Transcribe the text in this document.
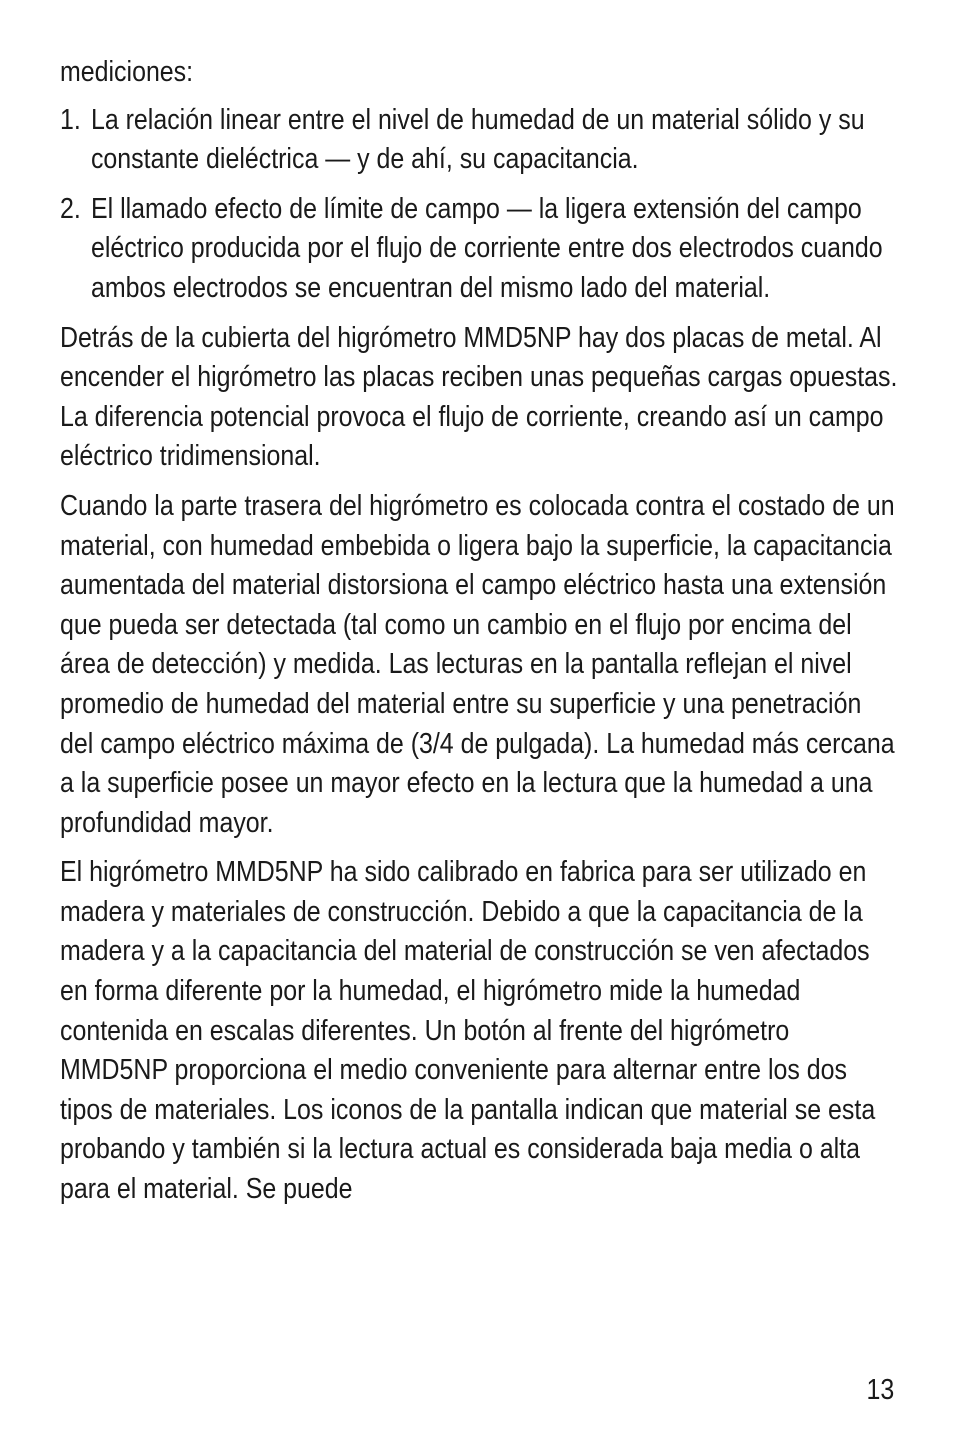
mediciones:

1. La relación linear entre el nivel de humedad de un material sólido y su constante dieléctrica — y de ahí, su capacitancia.
2. El llamado efecto de límite de campo — la ligera extensión del campo eléctrico producida por el flujo de corriente entre dos electrodos cuando ambos electrodos se encuentran del mismo lado del material.

Detrás de la cubierta del higrómetro MMD5NP hay dos placas de metal. Al encender el higrómetro las placas reciben unas pequeñas cargas opuestas. La diferencia potencial provoca el flujo de corriente, creando así un campo eléctrico tridimensional.

Cuando la parte trasera del higrómetro es colocada contra el costado de un material, con humedad embebida o ligera bajo la superficie, la capacitancia aumentada del material distorsiona el campo eléctrico hasta una extensión que pueda ser detectada (tal como un cambio en el flujo por encima del área de detección) y medida. Las lecturas en la pantalla reflejan el nivel promedio de humedad del material entre su superficie y una penetración del campo eléctrico máxima de (3/4 de pulgada). La humedad más cercana a la superficie posee un mayor efecto en la lectura que la humedad a una profundidad mayor.

El higrómetro MMD5NP ha sido calibrado en fabrica para ser utilizado en madera y materiales de construcción. Debido a que la capacitancia de la madera y a la capacitancia del material de construcción se ven afectados en forma diferente por la humedad, el higrómetro mide la humedad contenida en escalas diferentes. Un botón al frente del higrómetro MMD5NP proporciona el medio conveniente para alternar entre los dos tipos de materiales. Los iconos de la pantalla indican que material se esta probando y también si la lectura actual es considerada baja media o alta para el material. Se puede

13
